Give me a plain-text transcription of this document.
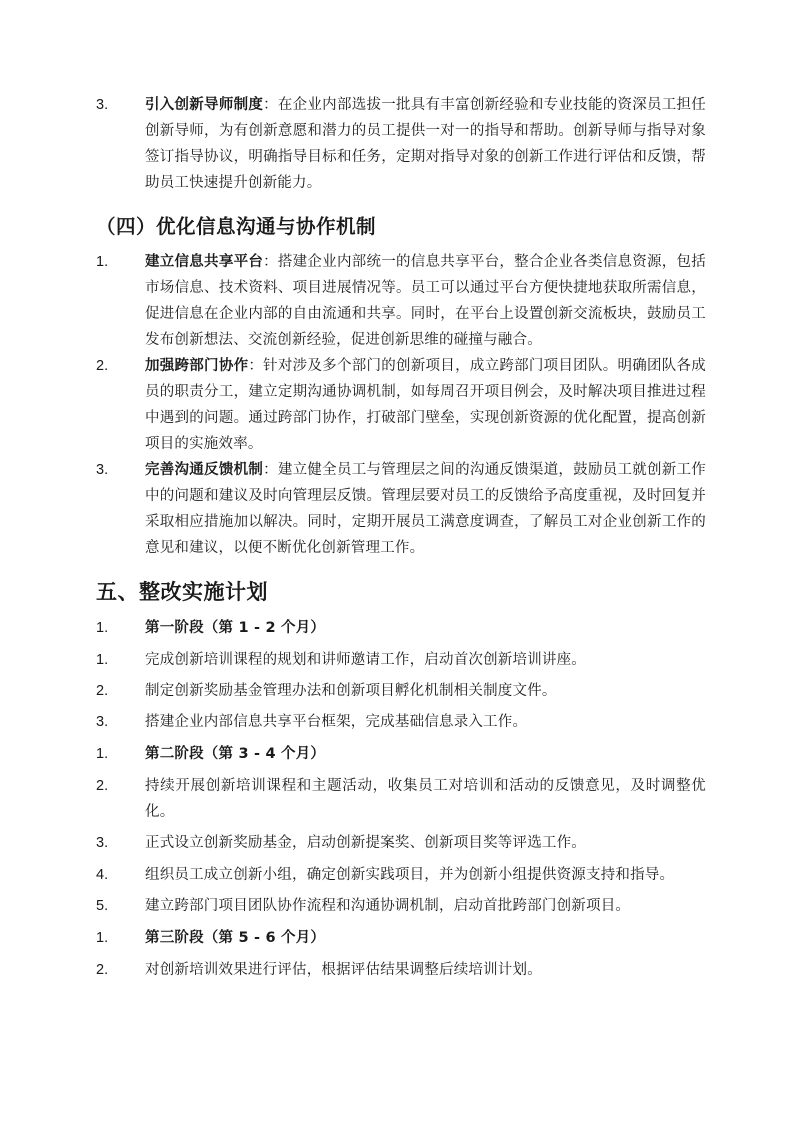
3.	引入创新导师制度：在企业内部选拔一批具有丰富创新经验和专业技能的资深员工担任创新导师，为有创新意愿和潜力的员工提供一对一的指导和帮助。创新导师与指导对象签订指导协议，明确指导目标和任务，定期对指导对象的创新工作进行评估和反馈，帮助员工快速提升创新能力。
（四）优化信息沟通与协作机制
1.	建立信息共享平台：搭建企业内部统一的信息共享平台，整合企业各类信息资源，包括市场信息、技术资料、项目进展情况等。员工可以通过平台方便快捷地获取所需信息，促进信息在企业内部的自由流通和共享。同时，在平台上设置创新交流板块，鼓励员工发布创新想法、交流创新经验，促进创新思维的碰撞与融合。
2.	加强跨部门协作：针对涉及多个部门的创新项目，成立跨部门项目团队。明确团队各成员的职责分工，建立定期沟通协调机制，如每周召开项目例会，及时解决项目推进过程中遇到的问题。通过跨部门协作，打破部门壁垒，实现创新资源的优化配置，提高创新项目的实施效率。
3.	完善沟通反馈机制：建立健全员工与管理层之间的沟通反馈渠道，鼓励员工就创新工作中的问题和建议及时向管理层反馈。管理层要对员工的反馈给予高度重视，及时回复并采取相应措施加以解决。同时，定期开展员工满意度调查，了解员工对企业创新工作的意见和建议，以便不断优化创新管理工作。
五、整改实施计划
1.	第一阶段（第 1 - 2 个月）
1.	完成创新培训课程的规划和讲师邀请工作，启动首次创新培训讲座。
2.	制定创新奖励基金管理办法和创新项目孵化机制相关制度文件。
3.	搭建企业内部信息共享平台框架，完成基础信息录入工作。
1.	第二阶段（第 3 - 4 个月）
2.	持续开展创新培训课程和主题活动，收集员工对培训和活动的反馈意见，及时调整优化。
3.	正式设立创新奖励基金，启动创新提案奖、创新项目奖等评选工作。
4.	组织员工成立创新小组，确定创新实践项目，并为创新小组提供资源支持和指导。
5.	建立跨部门项目团队协作流程和沟通协调机制，启动首批跨部门创新项目。
1.	第三阶段（第 5 - 6 个月）
2.	对创新培训效果进行评估，根据评估结果调整后续培训计划。
